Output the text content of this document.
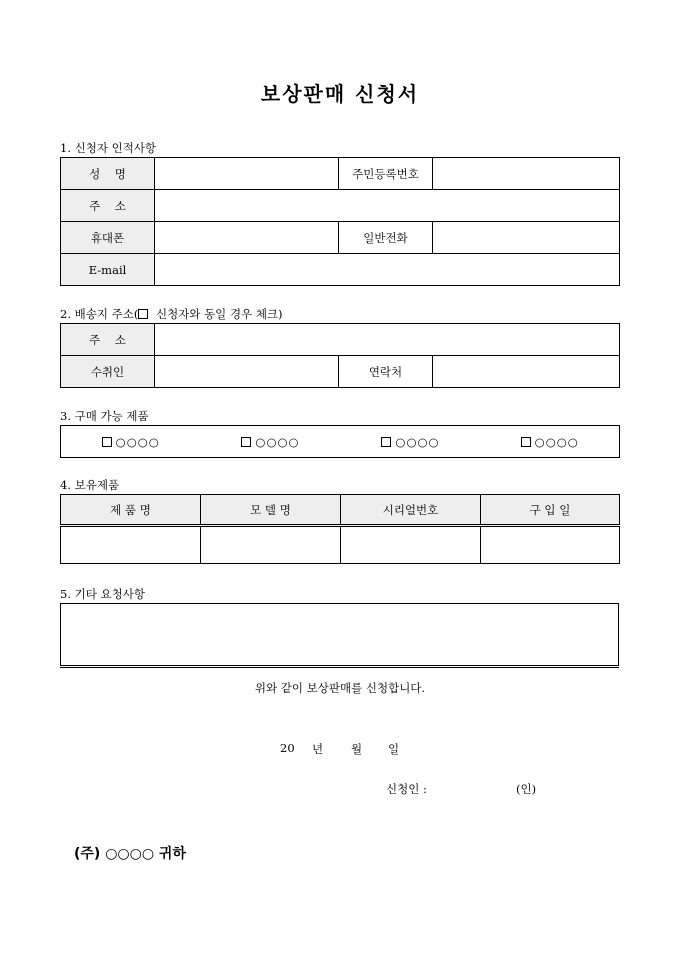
보상판매 신청서
1. 신청자 인적사항
성    명		주민등록번호	
주    소			
휴대폰		일반전화	
E-mail			
2. 배송지 주소( 신청자와 동일 경우 체크)
주    소			
수취인		연락처	
3. 구매 가능 제품
○○○○	○○○○	○○○○	○○○○
4. 보유제품
제 품 명	모 델 명	시리얼번호	구 입 일

5. 기타 요청사항
위와 같이 보상판매를 신청합니다.
20 년 월 일
신청인 :	(인)
(주) ○○○○ 귀하
